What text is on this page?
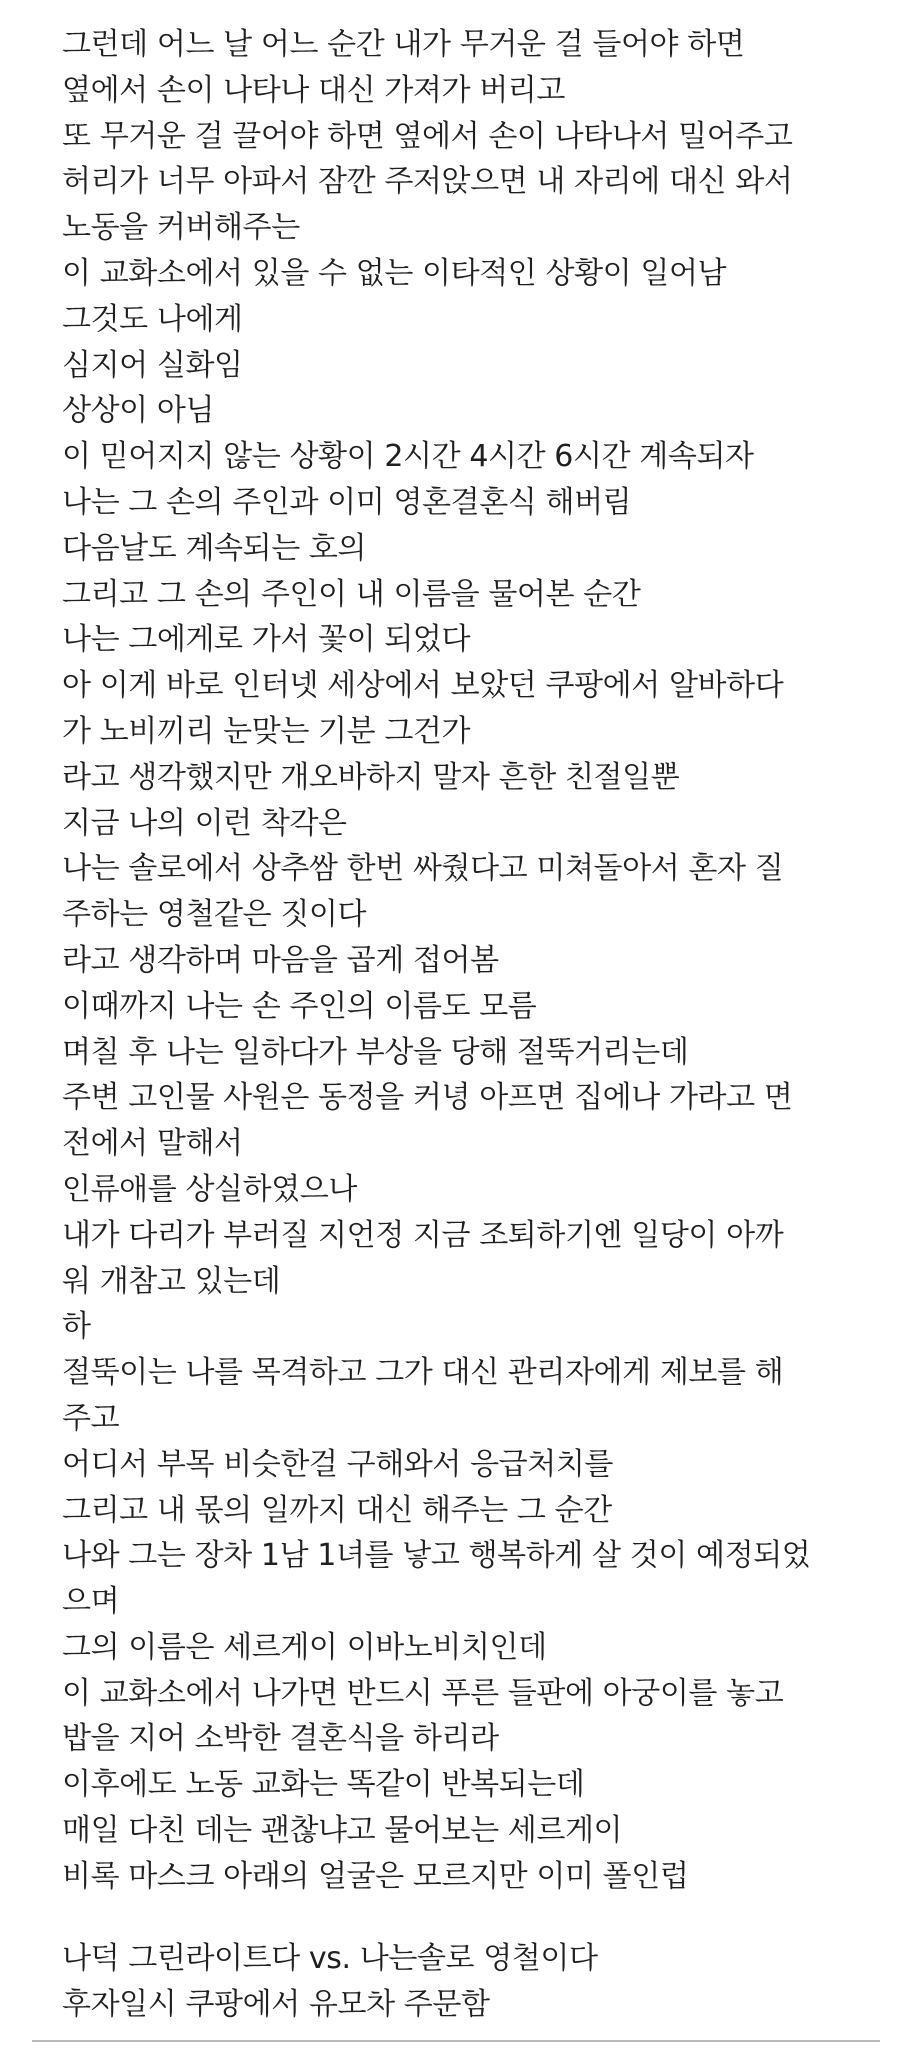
그런데 어느 날 어느 순간 내가 무거운 걸 들어야 하면
옆에서 손이 나타나 대신 가져가 버리고
또 무거운 걸 끌어야 하면 옆에서 손이 나타나서 밀어주고
허리가 너무 아파서 잠깐 주저앉으면 내 자리에 대신 와서
노동을 커버해주는
이 교화소에서 있을 수 없는 이타적인 상황이 일어남
그것도 나에게
심지어 실화임
상상이 아님
이 믿어지지 않는 상황이 2시간 4시간 6시간 계속되자
나는 그 손의 주인과 이미 영혼결혼식 해버림
다음날도 계속되는 호의
그리고 그 손의 주인이 내 이름을 물어본 순간
나는 그에게로 가서 꽃이 되었다
아 이게 바로 인터넷 세상에서 보았던 쿠팡에서 알바하다
가 노비끼리 눈맞는 기분 그건가
라고 생각했지만 개오바하지 말자 흔한 친절일뿐
지금 나의 이런 착각은
나는 솔로에서 상추쌈 한번 싸줬다고 미쳐돌아서 혼자 질
주하는 영철같은 짓이다
라고 생각하며 마음을 곱게 접어봄
이때까지 나는 손 주인의 이름도 모름
며칠 후 나는 일하다가 부상을 당해 절뚝거리는데
주변 고인물 사원은 동정을 커녕 아프면 집에나 가라고 면
전에서 말해서
인류애를 상실하였으나
내가 다리가 부러질 지언정 지금 조퇴하기엔 일당이 아까
워 개참고 있는데
하
절뚝이는 나를 목격하고 그가 대신 관리자에게 제보를 해
주고
어디서 부목 비슷한걸 구해와서 응급처치를
그리고 내 몫의 일까지 대신 해주는 그 순간
나와 그는 장차 1남 1녀를 낳고 행복하게 살 것이 예정되었
으며
그의 이름은 세르게이 이바노비치인데
이 교화소에서 나가면 반드시 푸른 들판에 아궁이를 놓고
밥을 지어 소박한 결혼식을 하리라
이후에도 노동 교화는 똑같이 반복되는데
매일 다친 데는 괜찮냐고 물어보는 세르게이
비록 마스크 아래의 얼굴은 모르지만 이미 폴인럽
나덕 그린라이트다 vs. 나는솔로 영철이다
후자일시 쿠팡에서 유모차 주문함
